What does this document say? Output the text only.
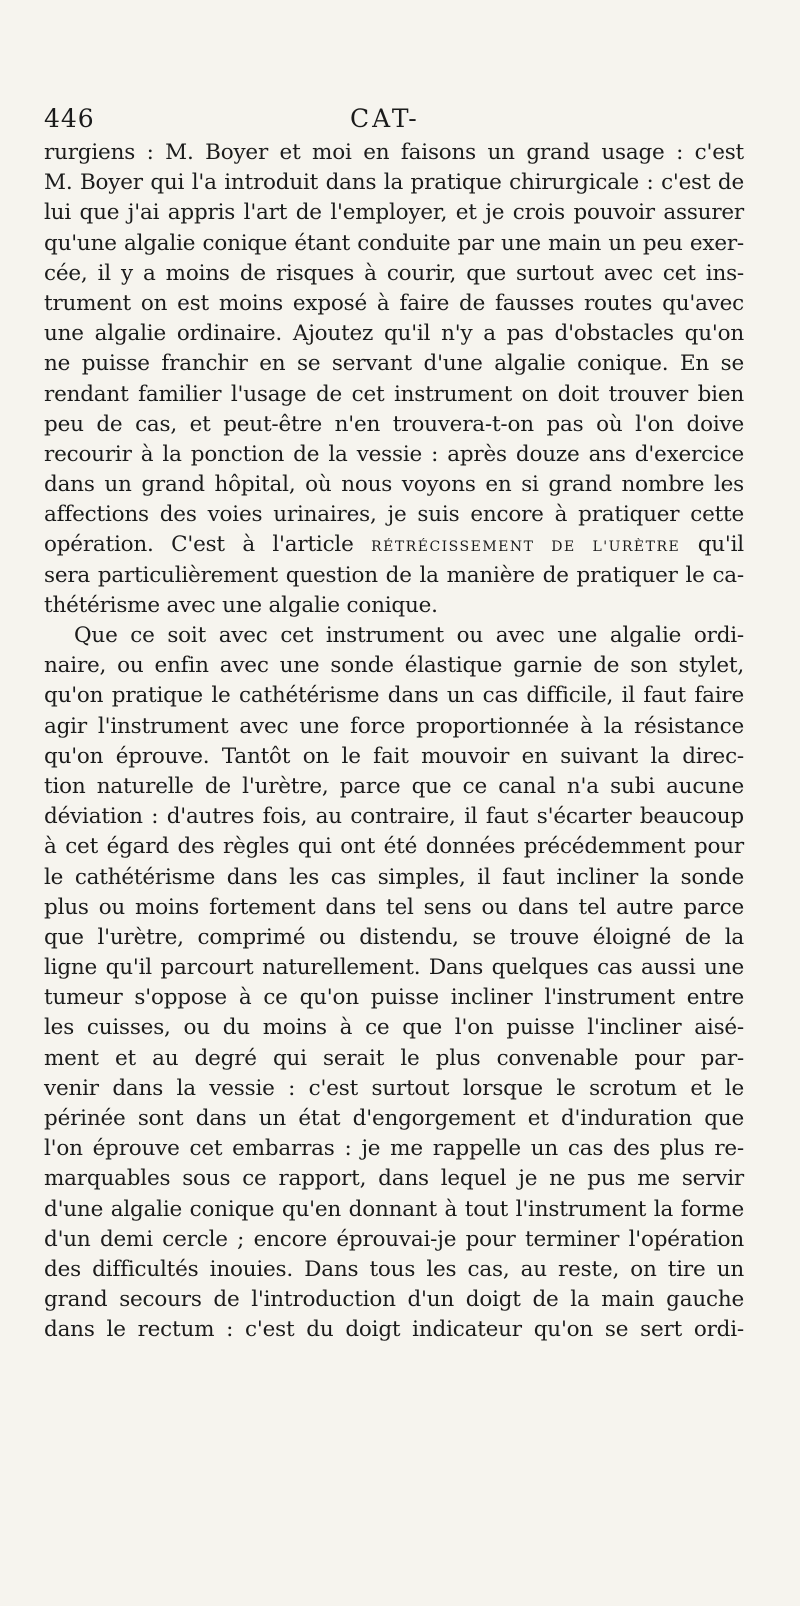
446	CAT-
rurgiens : M. Boyer et moi en faisons un grand usage : c'est
M. Boyer qui l'a introduit dans la pratique chirurgicale : c'est de
lui que j'ai appris l'art de l'employer, et je crois pouvoir assurer
qu'une algalie conique étant conduite par une main un peu exer-
cée, il y a moins de risques à courir, que surtout avec cet ins-
trument on est moins exposé à faire de fausses routes qu'avec
une algalie ordinaire. Ajoutez qu'il n'y a pas d'obstacles qu'on
ne puisse franchir en se servant d'une algalie conique. En se
rendant familier l'usage de cet instrument on doit trouver bien
peu de cas, et peut-être n'en trouvera-t-on pas où l'on doive
recourir à la ponction de la vessie : après douze ans d'exercice
dans un grand hôpital, où nous voyons en si grand nombre les
affections des voies urinaires, je suis encore à pratiquer cette
opération. C'est à l'article RÉTRÉCISSEMENT DE L'URÈTRE qu'il
sera particulièrement question de la manière de pratiquer le ca-
thétérisme avec une algalie conique.
Que ce soit avec cet instrument ou avec une algalie ordi-
naire, ou enfin avec une sonde élastique garnie de son stylet,
qu'on pratique le cathétérisme dans un cas difficile, il faut faire
agir l'instrument avec une force proportionnée à la résistance
qu'on éprouve. Tantôt on le fait mouvoir en suivant la direc-
tion naturelle de l'urètre, parce que ce canal n'a subi aucune
déviation : d'autres fois, au contraire, il faut s'écarter beaucoup
à cet égard des règles qui ont été données précédemment pour
le cathétérisme dans les cas simples, il faut incliner la sonde
plus ou moins fortement dans tel sens ou dans tel autre parce
que l'urètre, comprimé ou distendu, se trouve éloigné de la
ligne qu'il parcourt naturellement. Dans quelques cas aussi une
tumeur s'oppose à ce qu'on puisse incliner l'instrument entre
les cuisses, ou du moins à ce que l'on puisse l'incliner aisé-
ment et au degré qui serait le plus convenable pour par-
venir dans la vessie : c'est surtout lorsque le scrotum et le
périnée sont dans un état d'engorgement et d'induration que
l'on éprouve cet embarras : je me rappelle un cas des plus re-
marquables sous ce rapport, dans lequel je ne pus me servir
d'une algalie conique qu'en donnant à tout l'instrument la forme
d'un demi cercle ; encore éprouvai-je pour terminer l'opération
des difficultés inouies. Dans tous les cas, au reste, on tire un
grand secours de l'introduction d'un doigt de la main gauche
dans le rectum : c'est du doigt indicateur qu'on se sert ordi-
